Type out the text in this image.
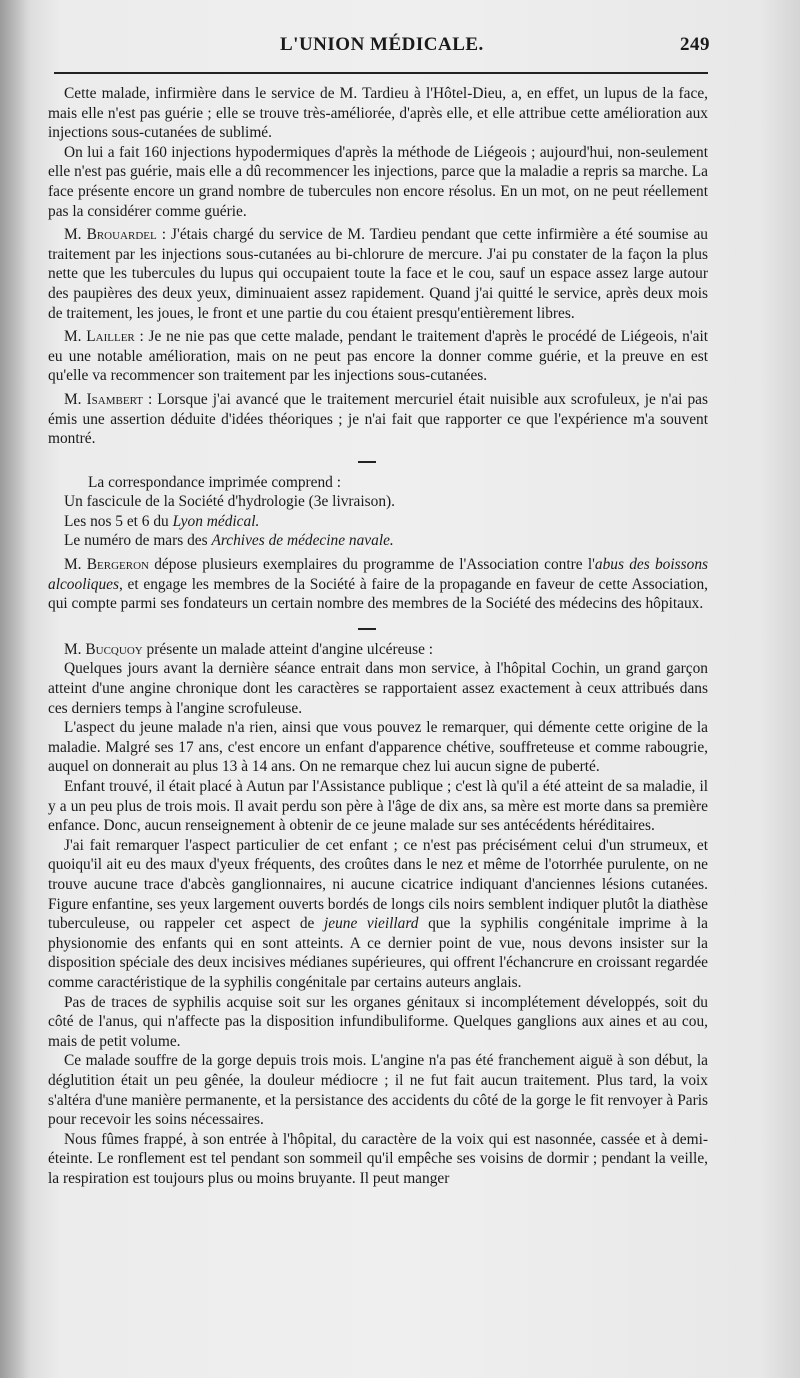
L'UNION MÉDICALE.	249

Cette malade, infirmière dans le service de M. Tardieu à l'Hôtel-Dieu, a, en effet, un lupus de la face, mais elle n'est pas guérie ; elle se trouve très-améliorée, d'après elle, et elle attribue cette amélioration aux injections sous-cutanées de sublimé.

On lui a fait 160 injections hypodermiques d'après la méthode de Liégeois ; aujourd'hui, non-seulement elle n'est pas guérie, mais elle a dû recommencer les injections, parce que la maladie a repris sa marche. La face présente encore un grand nombre de tubercules non encore résolus. En un mot, on ne peut réellement pas la considérer comme guérie.

M. Brouardel : J'étais chargé du service de M. Tardieu pendant que cette infirmière a été soumise au traitement par les injections sous-cutanées au bi-chlorure de mercure. J'ai pu constater de la façon la plus nette que les tubercules du lupus qui occupaient toute la face et le cou, sauf un espace assez large autour des paupières des deux yeux, diminuaient assez rapidement. Quand j'ai quitté le service, après deux mois de traitement, les joues, le front et une partie du cou étaient presqu'entièrement libres.

M. Lailler : Je ne nie pas que cette malade, pendant le traitement d'après le procédé de Liégeois, n'ait eu une notable amélioration, mais on ne peut pas encore la donner comme guérie, et la preuve en est qu'elle va recommencer son traitement par les injections sous-cutanées.

M. Isambert : Lorsque j'ai avancé que le traitement mercuriel était nuisible aux scrofuleux, je n'ai pas émis une assertion déduite d'idées théoriques ; je n'ai fait que rapporter ce que l'expérience m'a souvent montré.

La correspondance imprimée comprend :

Un fascicule de la Société d'hydrologie (3e livraison).

Les nos 5 et 6 du Lyon médical.

Le numéro de mars des Archives de médecine navale.

M. Bergeron dépose plusieurs exemplaires du programme de l'Association contre l'abus des boissons alcooliques, et engage les membres de la Société à faire de la propagande en faveur de cette Association, qui compte parmi ses fondateurs un certain nombre des membres de la Société des médecins des hôpitaux.

M. Bucquoy présente un malade atteint d'angine ulcéreuse :

Quelques jours avant la dernière séance entrait dans mon service, à l'hôpital Cochin, un grand garçon atteint d'une angine chronique dont les caractères se rapportaient assez exactement à ceux attribués dans ces derniers temps à l'angine scrofuleuse.

L'aspect du jeune malade n'a rien, ainsi que vous pouvez le remarquer, qui démente cette origine de la maladie. Malgré ses 17 ans, c'est encore un enfant d'apparence chétive, souffreteuse et comme rabougrie, auquel on donnerait au plus 13 à 14 ans. On ne remarque chez lui aucun signe de puberté.

Enfant trouvé, il était placé à Autun par l'Assistance publique ; c'est là qu'il a été atteint de sa maladie, il y a un peu plus de trois mois. Il avait perdu son père à l'âge de dix ans, sa mère est morte dans sa première enfance. Donc, aucun renseignement à obtenir de ce jeune malade sur ses antécédents héréditaires.

J'ai fait remarquer l'aspect particulier de cet enfant ; ce n'est pas précisément celui d'un strumeux, et quoiqu'il ait eu des maux d'yeux fréquents, des croûtes dans le nez et même de l'otorrhée purulente, on ne trouve aucune trace d'abcès ganglionnaires, ni aucune cicatrice indiquant d'anciennes lésions cutanées. Figure enfantine, ses yeux largement ouverts bordés de longs cils noirs semblent indiquer plutôt la diathèse tuberculeuse, ou rappeler cet aspect de jeune vieillard que la syphilis congénitale imprime à la physionomie des enfants qui en sont atteints. A ce dernier point de vue, nous devons insister sur la disposition spéciale des deux incisives médianes supérieures, qui offrent l'échancrure en croissant regardée comme caractéristique de la syphilis congénitale par certains auteurs anglais.

Pas de traces de syphilis acquise soit sur les organes génitaux si incomplétement développés, soit du côté de l'anus, qui n'affecte pas la disposition infundibuliforme. Quelques ganglions aux aines et au cou, mais de petit volume.

Ce malade souffre de la gorge depuis trois mois. L'angine n'a pas été franchement aiguë à son début, la déglutition était un peu gênée, la douleur médiocre ; il ne fut fait aucun traitement. Plus tard, la voix s'altéra d'une manière permanente, et la persistance des accidents du côté de la gorge le fit renvoyer à Paris pour recevoir les soins nécessaires.

Nous fûmes frappé, à son entrée à l'hôpital, du caractère de la voix qui est nasonnée, cassée et à demi-éteinte. Le ronflement est tel pendant son sommeil qu'il empêche ses voisins de dormir ; pendant la veille, la respiration est toujours plus ou moins bruyante. Il peut manger
